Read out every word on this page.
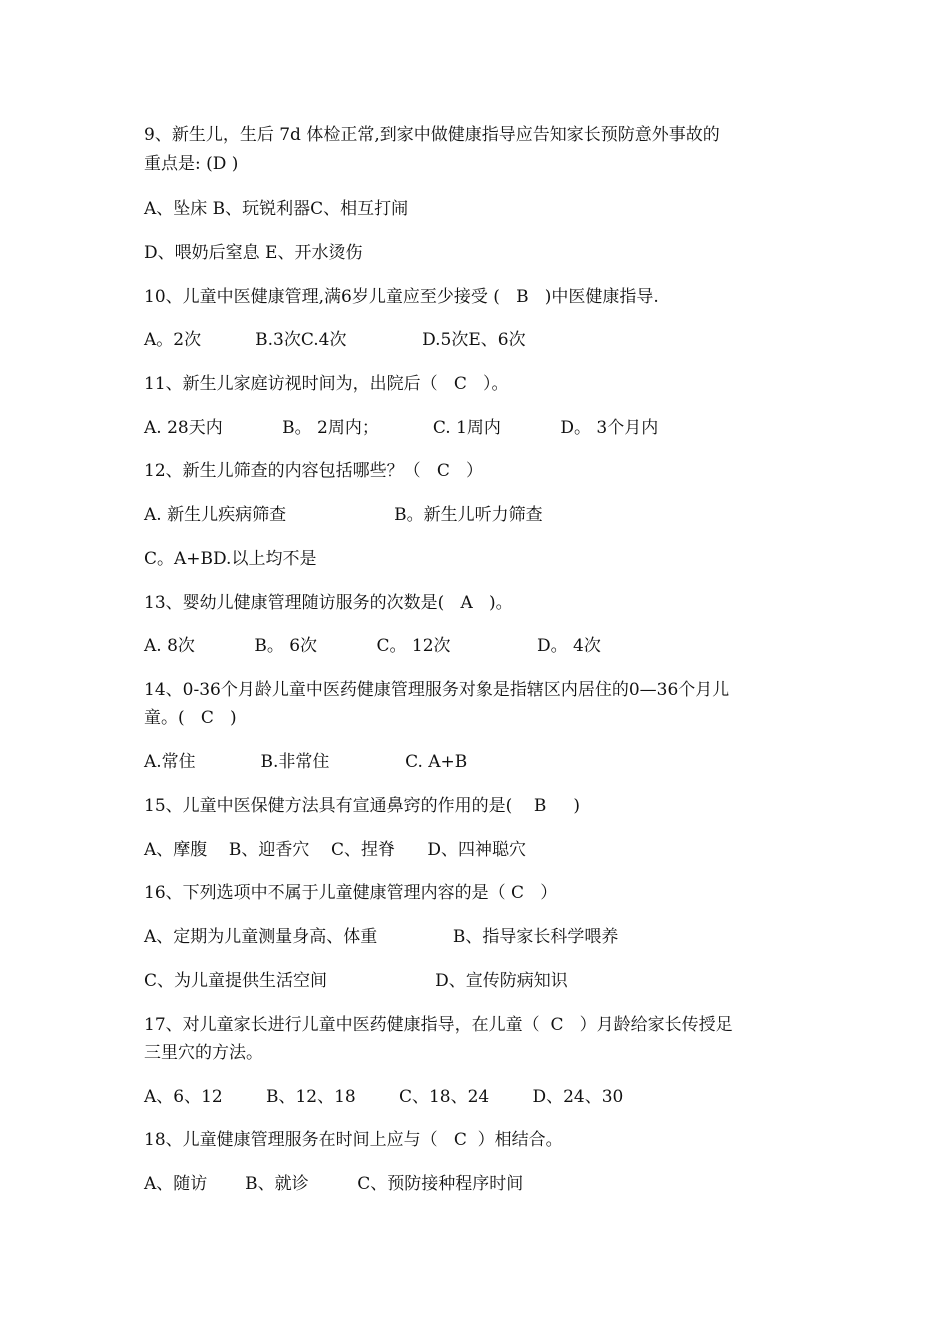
9、新生儿，生后 7d 体检正常,到家中做健康指导应告知家长预防意外事故的
重点是: (D )
A、坠床 B、玩锐利器C、相互打闹
D、喂奶后窒息 E、开水烫伤
10、儿童中医健康管理,满6岁儿童应至少接受 (   B   )中医健康指导.
A。2次          B.3次C.4次              D.5次E、6次
11、新生儿家庭访视时间为，出院后（   C   ）。
A. 28天内           B。 2周内；          C. 1周内           D。 3个月内
12、新生儿筛查的内容包括哪些？（   C   ）
A. 新生儿疾病筛查                    B。新生儿听力筛查
C。A+BD.以上均不是
13、婴幼儿健康管理随访服务的次数是(   A   )。
A. 8次           B。 6次           C。 12次                D。 4次
14、0-36个月龄儿童中医药健康管理服务对象是指辖区内居住的0—36个月儿
童。(   C   )
A.常住            B.非常住              C. A+B
15、儿童中医保健方法具有宣通鼻窍的作用的是(    B     )
A、摩腹    B、迎香穴    C、捏脊      D、四神聪穴
16、下列选项中不属于儿童健康管理内容的是（ C   ）
A、定期为儿童测量身高、体重              B、指导家长科学喂养
C、为儿童提供生活空间                    D、宣传防病知识
17、对儿童家长进行儿童中医药健康指导，在儿童（  C   ）月龄给家长传授足
三里穴的方法。
A、6、12        B、12、18        C、18、24        D、24、30
18、儿童健康管理服务在时间上应与（   C  ）相结合。
A、随访       B、就诊         C、预防接种程序时间
